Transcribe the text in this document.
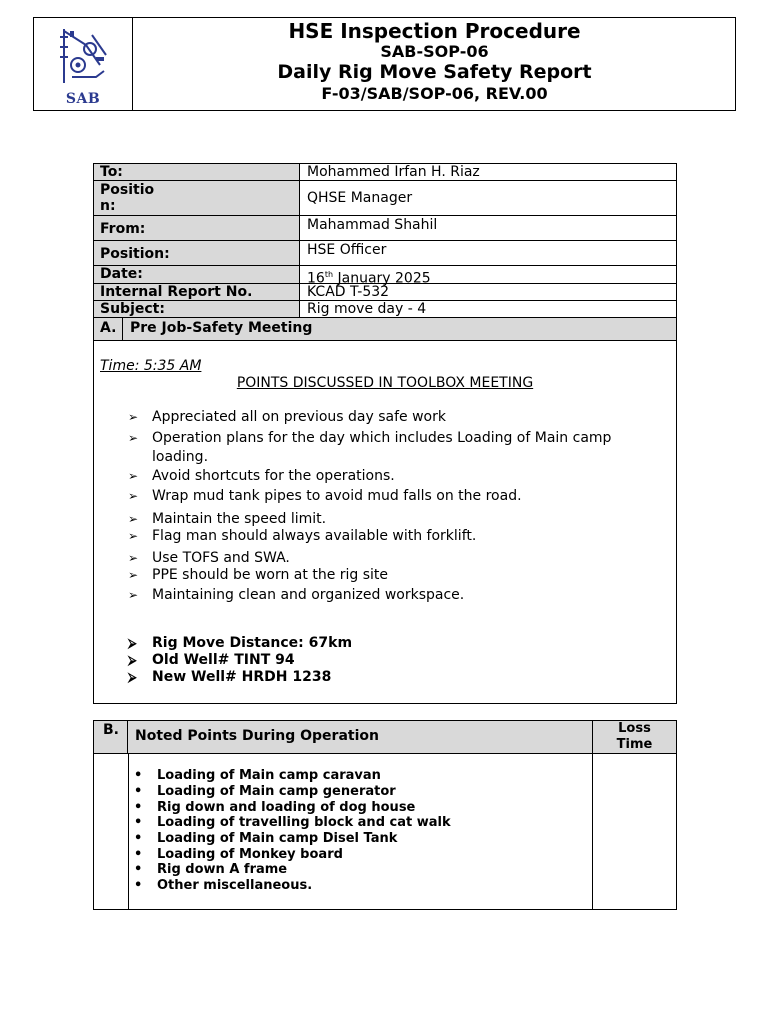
SAB
HSE Inspection Procedure
SAB-SOP-06
Daily Rig Move Safety Report
F-03/SAB/SOP-06, REV.00
To:	Mohammed Irfan H. Riaz
Positio
n:	QHSE Manager
From:	Mahammad Shahil
Position:	HSE Officer
Date:	16th January 2025
Internal Report No.	KCAD T-532
Subject:	Rig move day - 4
A. Pre Job-Safety Meeting
Time: 5:35 AM
POINTS DISCUSSED IN TOOLBOX MEETING
➢ Appreciated all on previous day safe work
➢ Operation plans for the day which includes Loading of Main camp loading.
➢ Avoid shortcuts for the operations.
➢ Wrap mud tank pipes to avoid mud falls on the road.
➢ Maintain the speed limit.
➢ Flag man should always available with forklift.
➢ Use TOFS and SWA.
➢ PPE should be worn at the rig site
➢ Maintaining clean and organized workspace.
⮚ Rig Move Distance: 67km
⮚ Old Well# TINT 94
⮚ New Well# HRDH 1238
B. Noted Points During Operation	Loss
Time
• Loading of Main camp caravan
• Loading of Main camp generator
• Rig down and loading of dog house
• Loading of travelling block and cat walk
• Loading of Main camp Disel Tank
• Loading of Monkey board
• Rig down A frame
• Other miscellaneous.
